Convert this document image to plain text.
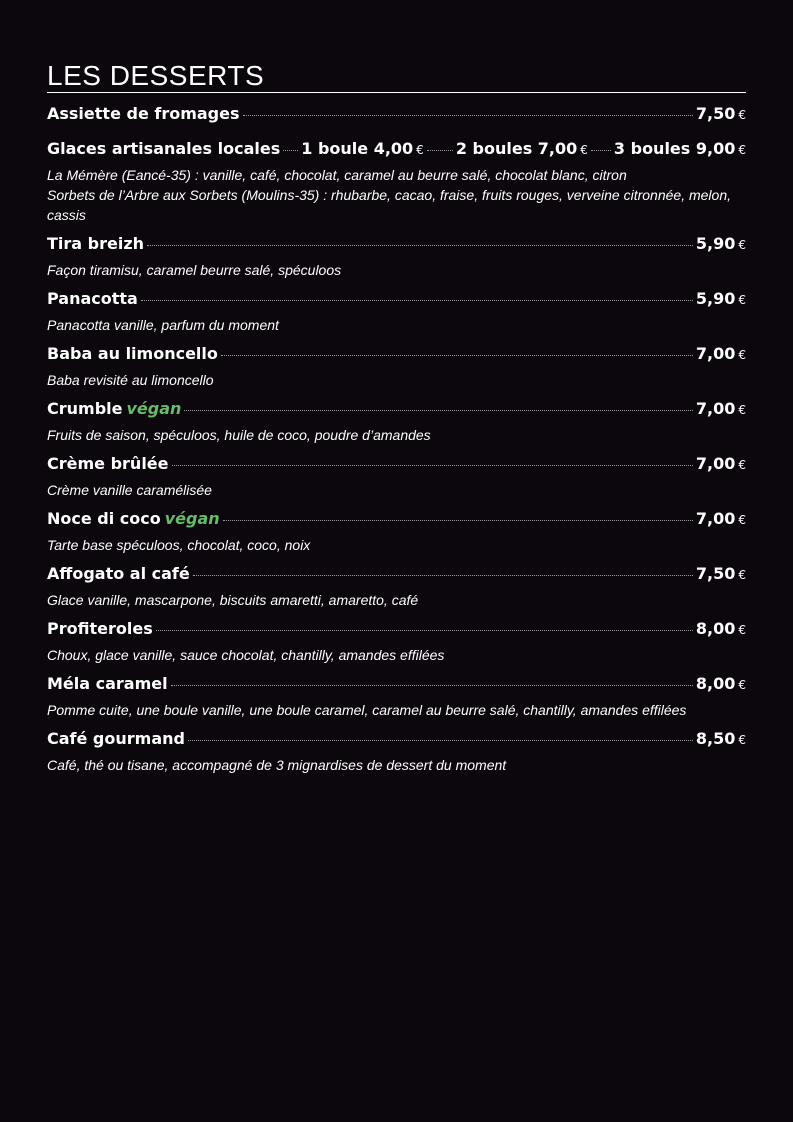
LES DESSERTS
Assiette de fromages	7,50 €
Glaces artisanales locales 1 boule 4,00 € 2 boules 7,00 € 3 boules 9,00 €
La Mémère (Eancé-35) : vanille, café, chocolat, caramel au beurre salé, chocolat blanc, citron
Sorbets de l’Arbre aux Sorbets (Moulins-35) : rhubarbe, cacao, fraise, fruits rouges, verveine citronnée, melon, cassis
Tira breizh	5,90 €
Façon tiramisu, caramel beurre salé, spéculoos
Panacotta	5,90 €
Panacotta vanille, parfum du moment
Baba au limoncello	7,00 €
Baba revisité au limoncello
Crumble végan	7,00 €
Fruits de saison, spéculoos, huile de coco, poudre d’amandes
Crème brûlée	7,00 €
Crème vanille caramélisée
Noce di coco végan	7,00 €
Tarte base spéculoos, chocolat, coco, noix
Affogato al café	7,50 €
Glace vanille, mascarpone, biscuits amaretti, amaretto, café
Profiteroles	8,00 €
Choux, glace vanille, sauce chocolat, chantilly, amandes effilées
Méla caramel	8,00 €
Pomme cuite, une boule vanille, une boule caramel, caramel au beurre salé, chantilly, amandes effilées
Café gourmand	8,50 €
Café, thé ou tisane, accompagné de 3 mignardises de dessert du moment
